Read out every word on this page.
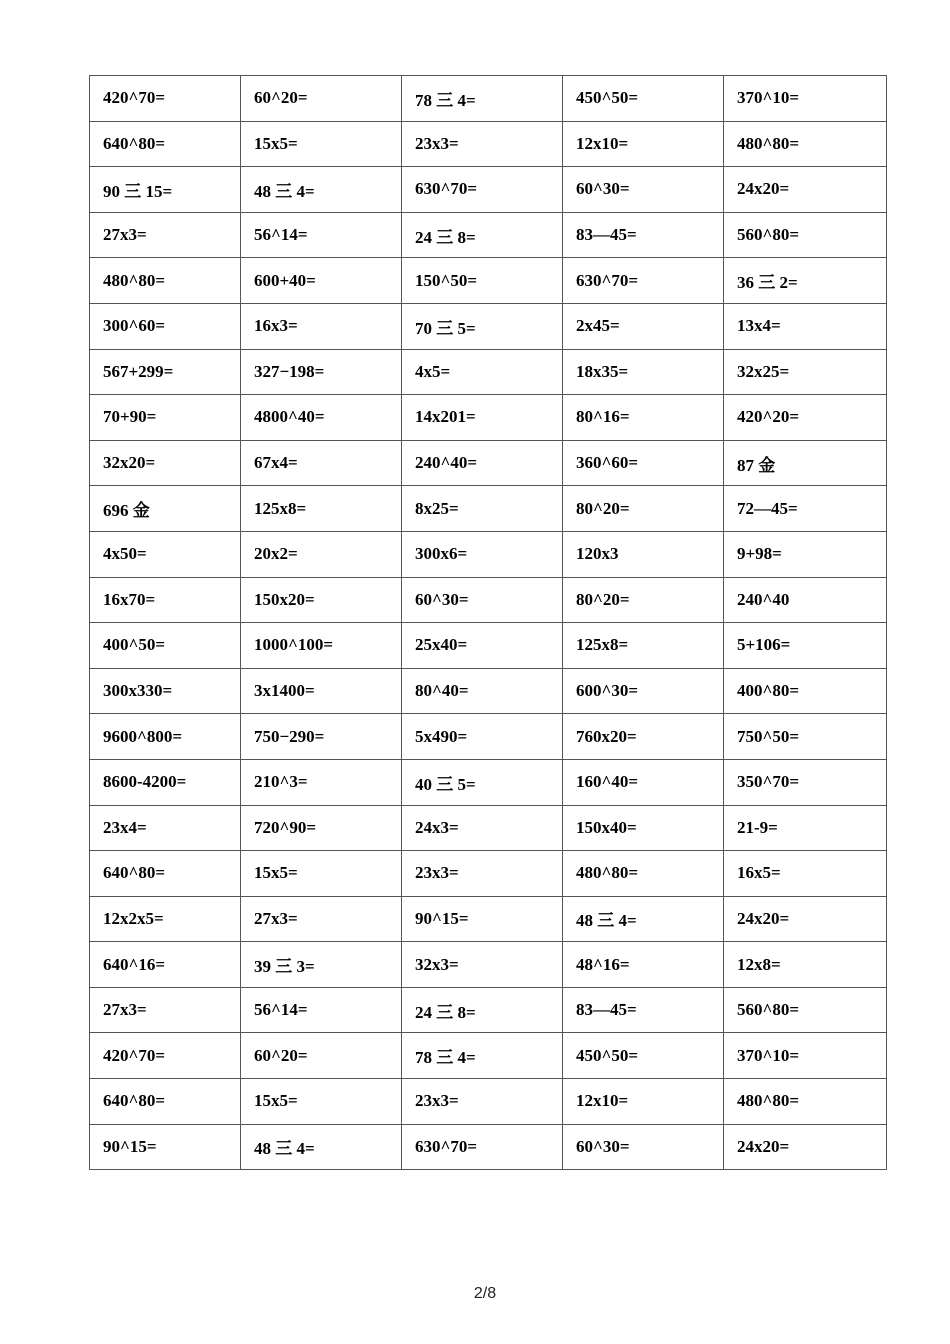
420^70=	60^20=	78 三 4=	450^50=	370^10=
640^80=	15x5=	23x3=	12x10=	480^80=
90 三 15=	48 三 4=	630^70=	60^30=	24x20=
27x3=	56^14=	24 三 8=	83—45=	560^80=
480^80=	600+40=	150^50=	630^70=	36 三 2=
300^60=	16x3=	70 三 5=	2x45=	13x4=
567+299=	327−198=	4x5=	18x35=	32x25=
70+90=	4800^40=	14x201=	80^16=	420^20=
32x20=	67x4=	240^40=	360^60=	87 金
696 金	125x8=	8x25=	80^20=	72—45=
4x50=	20x2=	300x6=	120x3	9+98=
16x70=	150x20=	60^30=	80^20=	240^40
400^50=	1000^100=	25x40=	125x8=	5+106=
300x330=	3x1400=	80^40=	600^30=	400^80=
9600^800=	750−290=	5x490=	760x20=	750^50=
8600-4200=	210^3=	40 三 5=	160^40=	350^70=
23x4=	720^90=	24x3=	150x40=	21-9=
640^80=	15x5=	23x3=	480^80=	16x5=
12x2x5=	27x3=	90^15=	48 三 4=	24x20=
640^16=	39 三 3=	32x3=	48^16=	12x8=
27x3=	56^14=	24 三 8=	83—45=	560^80=
420^70=	60^20=	78 三 4=	450^50=	370^10=
640^80=	15x5=	23x3=	12x10=	480^80=
90^15=	48 三 4=	630^70=	60^30=	24x20=
2/8
